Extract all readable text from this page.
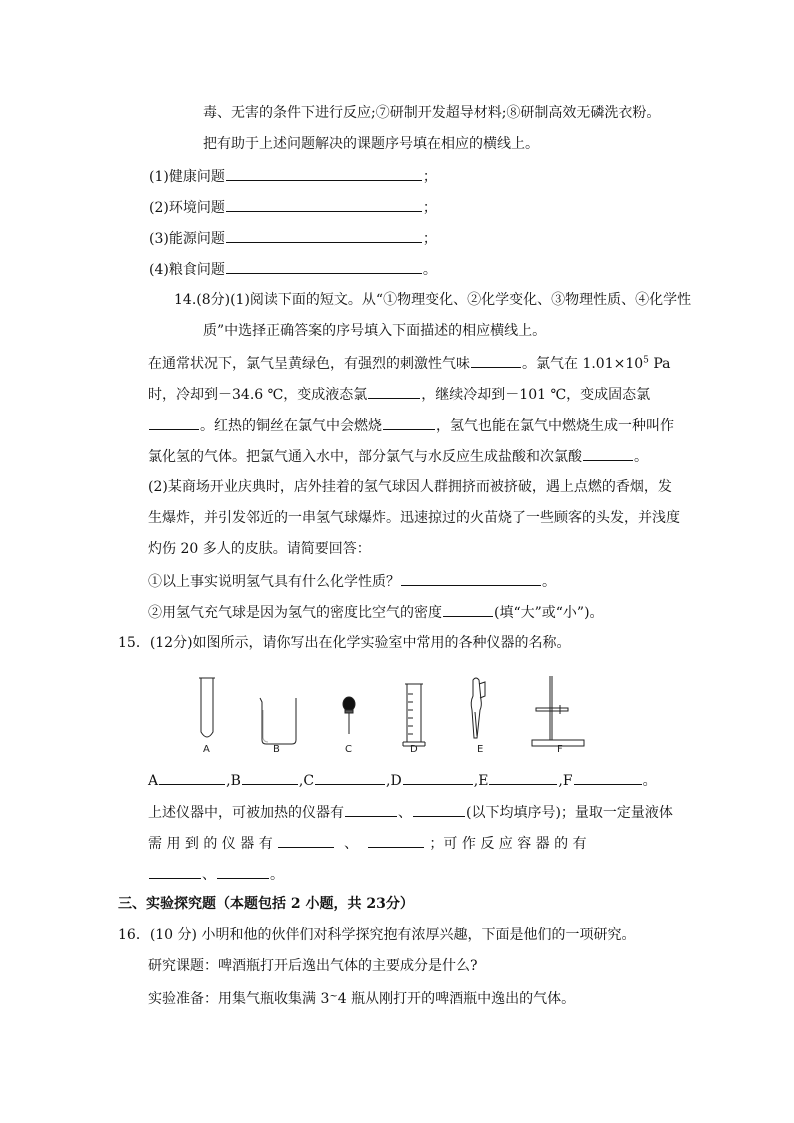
毒、无害的条件下进行反应;⑦研制开发超导材料;⑧研制高效无磷洗衣粉。
把有助于上述问题解决的课题序号填在相应的横线上。
(1)健康问题	；
(2)环境问题	；
(3)能源问题	；
(4)粮食问题	。
14.(8分)(1)阅读下面的短文。从“①物理变化、②化学变化、③物理性质、④化学性
质”中选择正确答案的序号填入下面描述的相应横线上。
在通常状况下，氯气呈黄绿色，有强烈的刺激性气味	。氯气在 $1.01\times 10^5$ Pa
时，冷却到－34.6 ℃，变成液态氯	，继续冷却到－101 ℃，变成固态氯
。红热的铜丝在氯气中会燃烧	，氢气也能在氯气中燃烧生成一种叫作
氯化氢的气体。把氯气通入水中，部分氯气与水反应生成盐酸和次氯酸	。
(2)某商场开业庆典时，店外挂着的氢气球因人群拥挤而被挤破，遇上点燃的香烟，发
生爆炸，并引发邻近的一串氢气球爆炸。迅速掠过的火苗烧了一些顾客的头发，并浅度
灼伤 20 多人的皮肤。请简要回答：
①以上事实说明氢气具有什么化学性质？	。
②用氢气充气球是因为氢气的密度比空气的密度	(填“大”或“小”)。
15．(12分)如图所示，请你写出在化学实验室中常用的各种仪器的名称。
A	B	C	D	E	F
A	,B	,C	,D	,E	,F	。
上述仪器中，可被加热的仪器有	、	(以下均填序号)；量取一定量液体
需 用 到 的 仪 器 有	、	；可 作 反 应 容 器 的 有
、	。
三、实验探究题（本题包括 2 小题，共 23分）
16．(10 分) 小明和他的伙伴们对科学探究抱有浓厚兴趣，下面是他们的一项研究。
研究课题：啤酒瓶打开后逸出气体的主要成分是什么?
实验准备：用集气瓶收集满 3~4 瓶从刚打开的啤酒瓶中逸出的气体。
